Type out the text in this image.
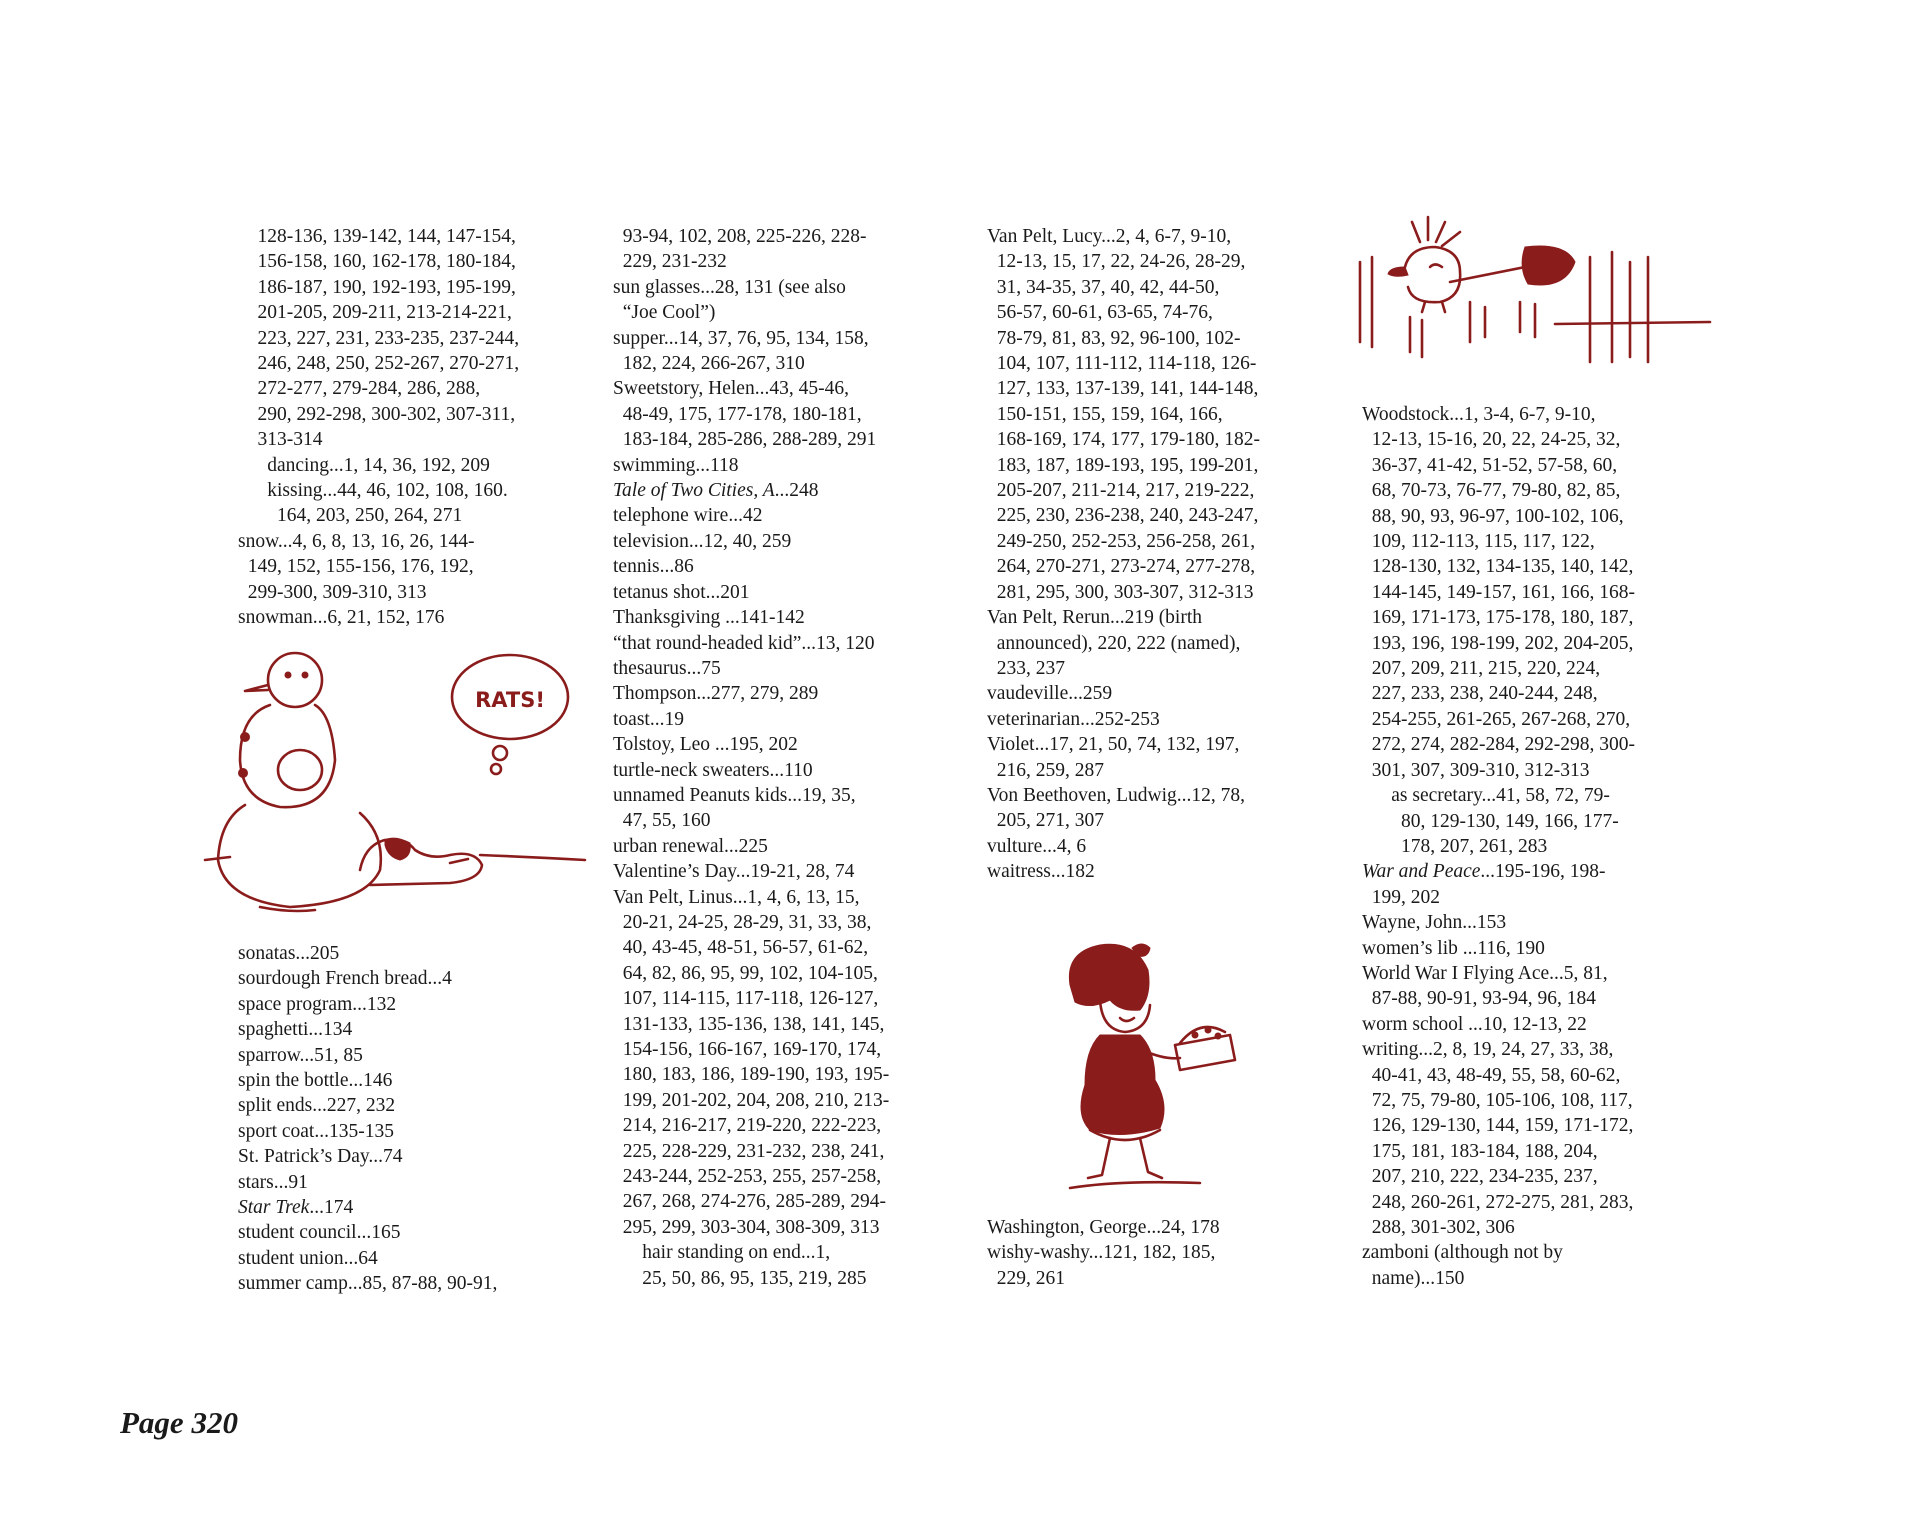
128-136, 139-142, 144, 147-154,
156-158, 160, 162-178, 180-184,
186-187, 190, 192-193, 195-199,
201-205, 209-211, 213-214-221,
223, 227, 231, 233-235, 237-244,
246, 248, 250, 252-267, 270-271,
272-277, 279-284, 286, 288,
290, 292-298, 300-302, 307-311,
313-314
dancing...1, 14, 36, 192, 209
kissing...44, 46, 102, 108, 160.
164, 203, 250, 264, 271
snow...4, 6, 8, 13, 16, 26, 144-
149, 152, 155-156, 176, 192,
299-300, 309-310, 313
snowman...6, 21, 152, 176
sonatas...205
sourdough French bread...4
space program...132
spaghetti...134
sparrow...51, 85
spin the bottle...146
split ends...227, 232
sport coat...135-135
St. Patrick’s Day...74
stars...91
Star Trek...174
student council...165
student union...64
summer camp...85, 87-88, 90-91,
93-94, 102, 208, 225-226, 228-
229, 231-232
sun glasses...28, 131 (see also
“Joe Cool”)
supper...14, 37, 76, 95, 134, 158,
182, 224, 266-267, 310
Sweetstory, Helen...43, 45-46,
48-49, 175, 177-178, 180-181,
183-184, 285-286, 288-289, 291
swimming...118
Tale of Two Cities, A...248
telephone wire...42
television...12, 40, 259
tennis...86
tetanus shot...201
Thanksgiving ...141-142
“that round-headed kid”...13, 120
thesaurus...75
Thompson...277, 279, 289
toast...19
Tolstoy, Leo ...195, 202
turtle-neck sweaters...110
unnamed Peanuts kids...19, 35,
47, 55, 160
urban renewal...225
Valentine’s Day...19-21, 28, 74
Van Pelt, Linus...1, 4, 6, 13, 15,
20-21, 24-25, 28-29, 31, 33, 38,
40, 43-45, 48-51, 56-57, 61-62,
64, 82, 86, 95, 99, 102, 104-105,
107, 114-115, 117-118, 126-127,
131-133, 135-136, 138, 141, 145,
154-156, 166-167, 169-170, 174,
180, 183, 186, 189-190, 193, 195-
199, 201-202, 204, 208, 210, 213-
214, 216-217, 219-220, 222-223,
225, 228-229, 231-232, 238, 241,
243-244, 252-253, 255, 257-258,
267, 268, 274-276, 285-289, 294-
295, 299, 303-304, 308-309, 313
hair standing on end...1,
25, 50, 86, 95, 135, 219, 285
Van Pelt, Lucy...2, 4, 6-7, 9-10,
12-13, 15, 17, 22, 24-26, 28-29,
31, 34-35, 37, 40, 42, 44-50,
56-57, 60-61, 63-65, 74-76,
78-79, 81, 83, 92, 96-100, 102-
104, 107, 111-112, 114-118, 126-
127, 133, 137-139, 141, 144-148,
150-151, 155, 159, 164, 166,
168-169, 174, 177, 179-180, 182-
183, 187, 189-193, 195, 199-201,
205-207, 211-214, 217, 219-222,
225, 230, 236-238, 240, 243-247,
249-250, 252-253, 256-258, 261,
264, 270-271, 273-274, 277-278,
281, 295, 300, 303-307, 312-313
Van Pelt, Rerun...219 (birth
announced), 220, 222 (named),
233, 237
vaudeville...259
veterinarian...252-253
Violet...17, 21, 50, 74, 132, 197,
216, 259, 287
Von Beethoven, Ludwig...12, 78,
205, 271, 307
vulture...4, 6
waitress...182
Washington, George...24, 178
wishy-washy...121, 182, 185,
229, 261
Woodstock...1, 3-4, 6-7, 9-10,
12-13, 15-16, 20, 22, 24-25, 32,
36-37, 41-42, 51-52, 57-58, 60,
68, 70-73, 76-77, 79-80, 82, 85,
88, 90, 93, 96-97, 100-102, 106,
109, 112-113, 115, 117, 122,
128-130, 132, 134-135, 140, 142,
144-145, 149-157, 161, 166, 168-
169, 171-173, 175-178, 180, 187,
193, 196, 198-199, 202, 204-205,
207, 209, 211, 215, 220, 224,
227, 233, 238, 240-244, 248,
254-255, 261-265, 267-268, 270,
272, 274, 282-284, 292-298, 300-
301, 307, 309-310, 312-313
as secretary...41, 58, 72, 79-
80, 129-130, 149, 166, 177-
178, 207, 261, 283
War and Peace...195-196, 198-
199, 202
Wayne, John...153
women’s lib ...116, 190
World War I Flying Ace...5, 81,
87-88, 90-91, 93-94, 96, 184
worm school ...10, 12-13, 22
writing...2, 8, 19, 24, 27, 33, 38,
40-41, 43, 48-49, 55, 58, 60-62,
72, 75, 79-80, 105-106, 108, 117,
126, 129-130, 144, 159, 171-172,
175, 181, 183-184, 188, 204,
207, 210, 222, 234-235, 237,
248, 260-261, 272-275, 281, 283,
288, 301-302, 306
zamboni (although not by
name)...150
RATS!
Page 320
